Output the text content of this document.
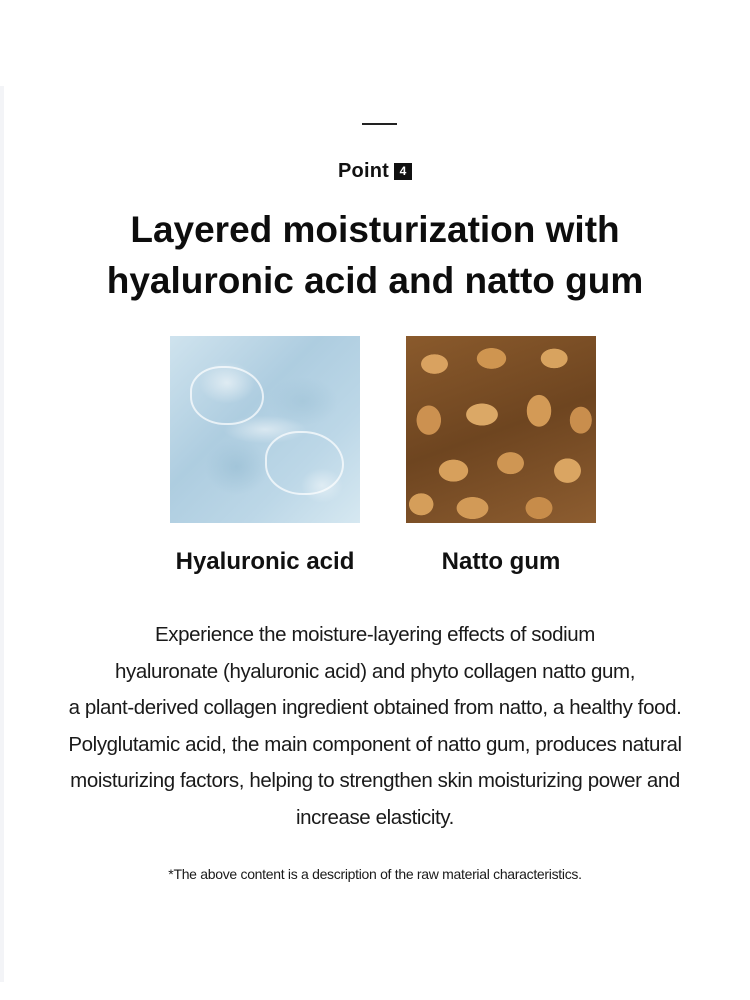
Point 4
Layered moisturization with
hyaluronic acid and natto gum
Hyaluronic acid	Natto gum
Experience the moisture-layering effects of sodium
hyaluronate (hyaluronic acid) and phyto collagen natto gum,
a plant-derived collagen ingredient obtained from natto, a healthy food.
Polyglutamic acid, the main component of natto gum, produces natural
moisturizing factors, helping to strengthen skin moisturizing power and
increase elasticity.
*The above content is a description of the raw material characteristics.
